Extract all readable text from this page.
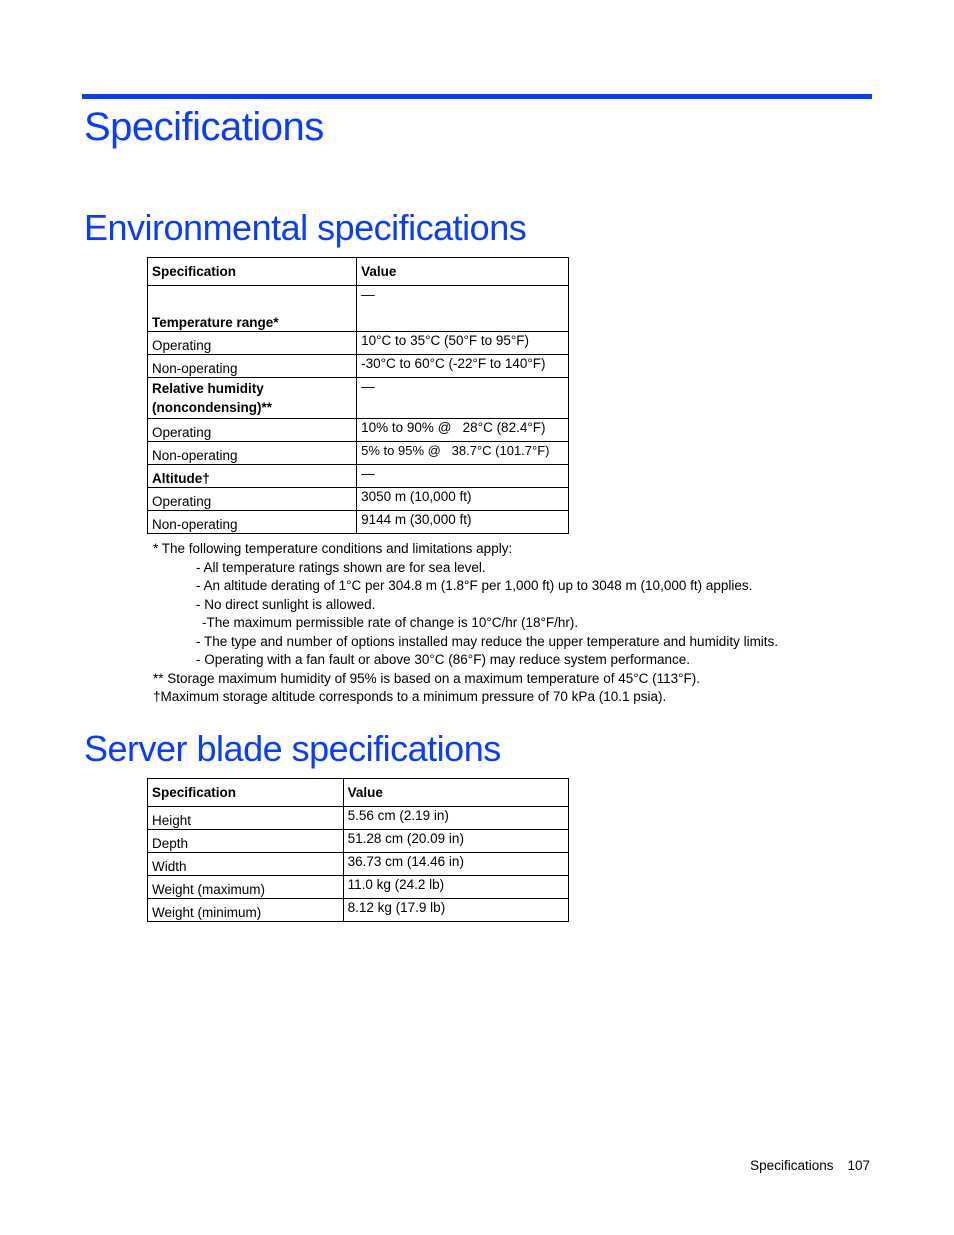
Specifications
Environmental specifications
Specification	Value
Temperature range*	—
Operating	10°C to 35°C (50°F to 95°F)
Non-operating	-30°C to 60°C (-22°F to 140°F)
Relative humidity (noncondensing)**	—
Operating	10% to 90% @   28°C (82.4°F)
Non-operating	5% to 95% @   38.7°C (101.7°F)
Altitude†	—
Operating	3050 m (10,000 ft)
Non-operating	9144 m (30,000 ft)
* The following temperature conditions and limitations apply:
- All temperature ratings shown are for sea level.
- An altitude derating of 1°C per 304.8 m (1.8°F per 1,000 ft) up to 3048 m (10,000 ft) applies.
- No direct sunlight is allowed.
-The maximum permissible rate of change is 10°C/hr (18°F/hr).
- The type and number of options installed may reduce the upper temperature and humidity limits.
- Operating with a fan fault or above 30°C (86°F) may reduce system performance.
** Storage maximum humidity of 95% is based on a maximum temperature of 45°C (113°F).
†Maximum storage altitude corresponds to a minimum pressure of 70 kPa (10.1 psia).
Server blade specifications
Specification	Value
Height	5.56 cm (2.19 in)
Depth	51.28 cm (20.09 in)
Width	36.73 cm (14.46 in)
Weight (maximum)	11.0 kg (24.2 lb)
Weight (minimum)	8.12 kg (17.9 lb)
Specifications 107
